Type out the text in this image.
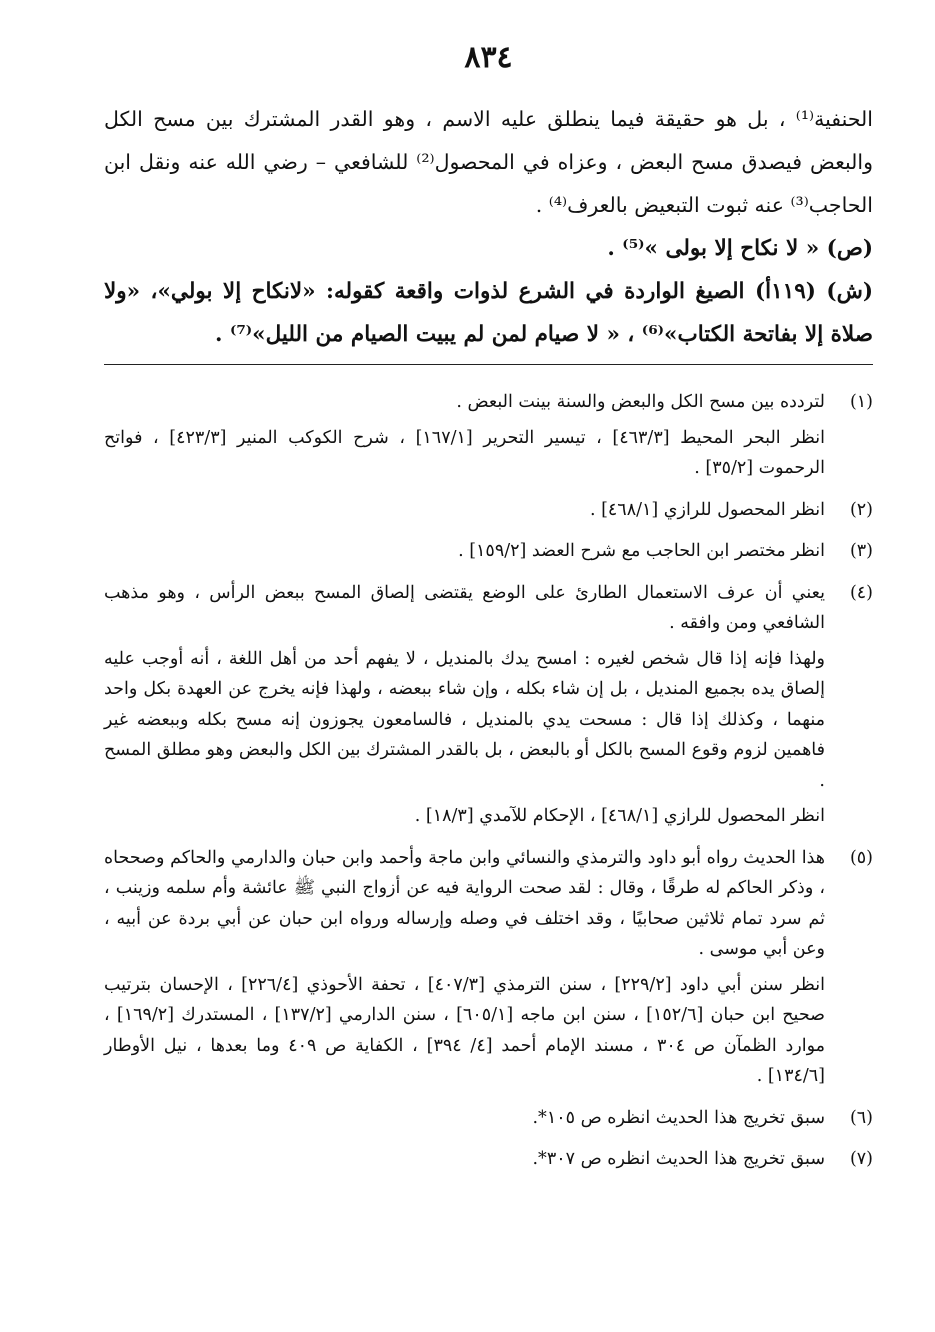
٨٣٤

الحنفية⁽¹⁾ ، بل هو حقيقة فيما ينطلق عليه الاسم ، وهو القدر المشترك بين مسح الكل والبعض فيصدق مسح البعض ، وعزاه في المحصول⁽²⁾ للشافعي – رضي الله عنه ونقل ابن الحاجب⁽³⁾ عنه ثبوت التبعيض بالعرف⁽⁴⁾ .

(ص) « لا نكاح إلا بولى »⁽⁵⁾ .

(ش) (١١٩أ) الصيغ الواردة في الشرع لذوات واقعة كقوله: «لانكاح إلا بولي»، «ولا صلاة إلا بفاتحة الكتاب»⁽⁶⁾ ، « لا صيام لمن لم يبيت الصيام من الليل»⁽⁷⁾ .

(١)

لتردده بين مسح الكل والبعض والسنة بينت البعض .

انظر البحر المحيط [٤٦٣/٣] ، تيسير التحرير [١٦٧/١] ، شرح الكوكب المنير [٤٢٣/٣] ، فواتح الرحموت [٣٥/٢] .

(٢)

انظر المحصول للرازي [٤٦٨/١] .

(٣)

انظر مختصر ابن الحاجب مع شرح العضد [١٥٩/٢] .

(٤)

يعني أن عرف الاستعمال الطارئ على الوضع يقتضى إلصاق المسح ببعض الرأس ، وهو مذهب الشافعي ومن وافقه .

ولهذا فإنه إذا قال شخص لغيره : امسح يدك بالمنديل ، لا يفهم أحد من أهل اللغة ، أنه أوجب عليه إلصاق يده بجميع المنديل ، بل إن شاء بكله ، وإن شاء ببعضه ، ولهذا فإنه يخرج عن العهدة بكل واحد منهما ، وكذلك إذا قال : مسحت يدي بالمنديل ، فالسامعون يجوزون إنه مسح بكله وببعضه غير فاهمين لزوم وقوع المسح بالكل أو بالبعض ، بل بالقدر المشترك بين الكل والبعض وهو مطلق المسح .

انظر المحصول للرازي [٤٦٨/١] ، الإحكام للآمدي [١٨/٣] .

(٥)

هذا الحديث رواه أبو داود والترمذي والنسائي وابن ماجة وأحمد وابن حبان والدارمي والحاكم وصححاه ، وذكر الحاكم له طرقًا ، وقال : لقد صحت الرواية فيه عن أزواج النبي ﷺ عائشة وأم سلمه وزينب ، ثم سرد تمام ثلاثين صحابيًا ، وقد اختلف في وصله وإرساله ورواه ابن حبان عن أبي بردة عن أبيه ، وعن أبي موسى .

انظر سنن أبي داود [٢٢٩/٢] ، سنن الترمذي [٤٠٧/٣] ، تحفة الأحوذي [٢٢٦/٤] ، الإحسان بترتيب صحيح ابن حبان [١٥٢/٦] ، سنن ابن ماجه [٦٠٥/١] ، سنن الدارمي [١٣٧/٢] ، المستدرك [١٦٩/٢] ، موارد الظمآن ص ٣٠٤ ، مسند الإمام أحمد [٤/ ٣٩٤] ، الكفاية ص ٤٠٩ وما بعدها ، نيل الأوطار [١٣٤/٦] .

(٦)

سبق تخريج هذا الحديث انظره ص ١٠٥*.

(٧)

سبق تخريج هذا الحديث انظره ص ٣٠٧*.
